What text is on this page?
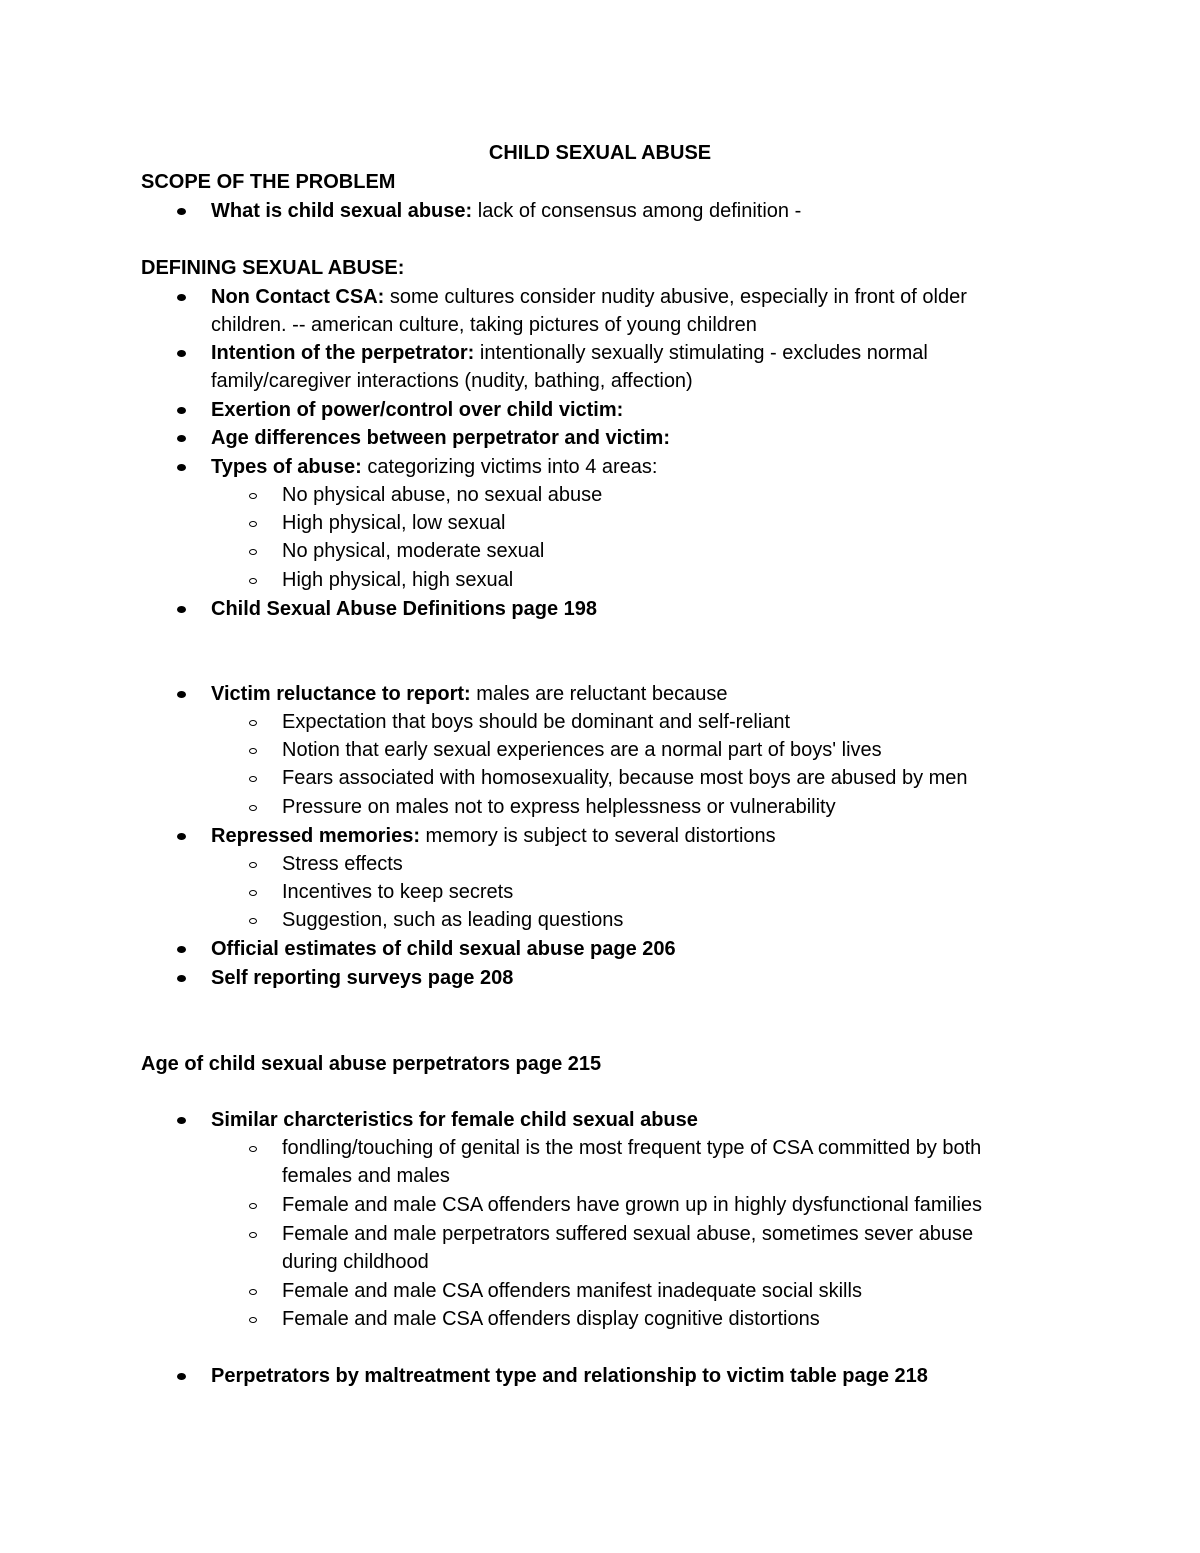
CHILD SEXUAL ABUSE
SCOPE OF THE PROBLEM
What is child sexual abuse: lack of consensus among definition -
DEFINING SEXUAL ABUSE:
Non Contact CSA: some cultures consider nudity abusive, especially in front of older
children. -- american culture, taking pictures of young children
Intention of the perpetrator: intentionally sexually stimulating - excludes normal
family/caregiver interactions (nudity, bathing, affection)
Exertion of power/control over child victim:
Age differences between perpetrator and victim:
Types of abuse: categorizing victims into 4 areas:
No physical abuse, no sexual abuse
High physical, low sexual
No physical, moderate sexual
High physical, high sexual
Child Sexual Abuse Definitions page 198
Victim reluctance to report: males are reluctant because
Expectation that boys should be dominant and self-reliant
Notion that early sexual experiences are a normal part of boys' lives
Fears associated with homosexuality, because most boys are abused by men
Pressure on males not to express helplessness or vulnerability
Repressed memories: memory is subject to several distortions
Stress effects
Incentives to keep secrets
Suggestion, such as leading questions
Official estimates of child sexual abuse page 206
Self reporting surveys page 208
Age of child sexual abuse perpetrators page 215
Similar charcteristics for female child sexual abuse
fondling/touching of genital is the most frequent type of CSA committed by both
females and males
Female and male CSA offenders have grown up in highly dysfunctional families
Female and male perpetrators suffered sexual abuse, sometimes sever abuse
during childhood
Female and male CSA offenders manifest inadequate social skills
Female and male CSA offenders display cognitive distortions
Perpetrators by maltreatment type and relationship to victim table page 218
